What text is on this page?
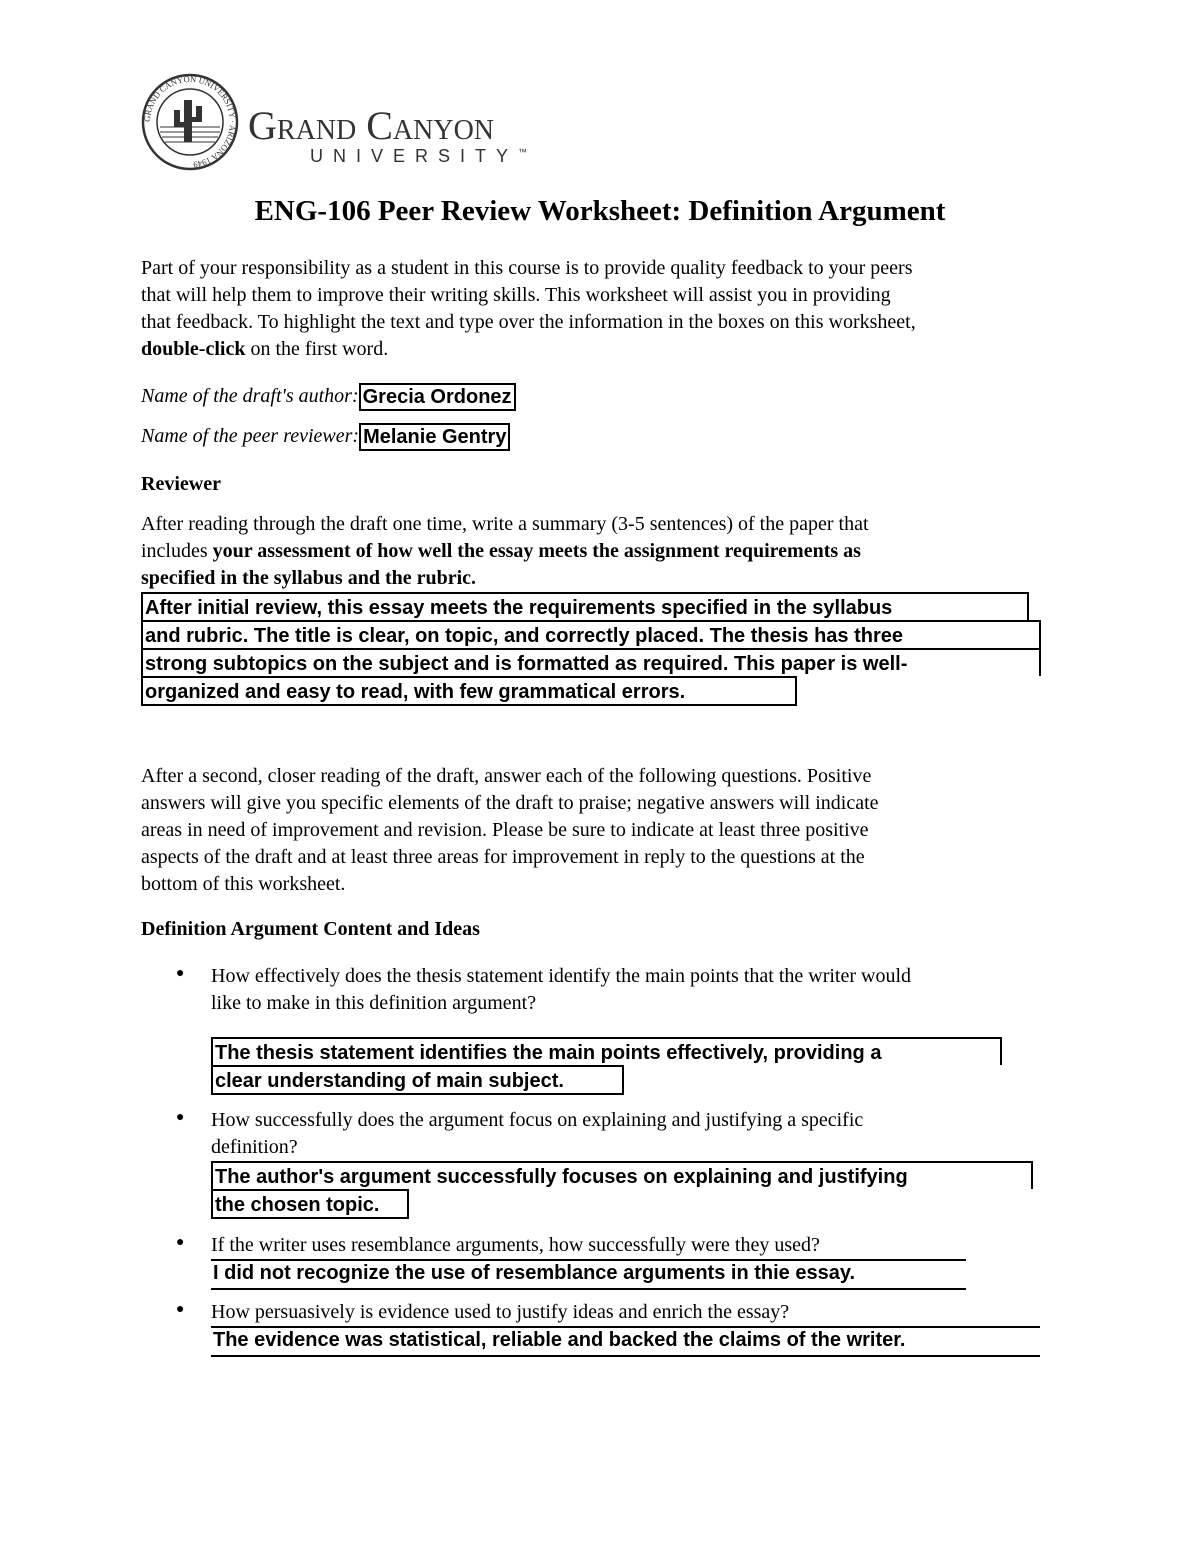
GRAND CANYON UNIVERSITY · ARIZONA 1949
Grand Canyon
UNIVERSITY™
ENG-106 Peer Review Worksheet: Definition Argument
Part of your responsibility as a student in this course is to provide quality feedback to your peers
that will help them to improve their writing skills. This worksheet will assist you in providing
that feedback. To highlight the text and type over the information in the boxes on this worksheet,
double-click on the first word.
Name of the draft's author: Grecia Ordonez
Name of the peer reviewer: Melanie Gentry
Reviewer
After reading through the draft one time, write a summary (3-5 sentences) of the paper that
includes your assessment of how well the essay meets the assignment requirements as
specified in the syllabus and the rubric.
After initial review, this essay meets the requirements specified in the syllabus
and rubric. The title is clear, on topic, and correctly placed. The thesis has three
strong subtopics on the subject and is formatted as required. This paper is well-
organized and easy to read, with few grammatical errors.
After a second, closer reading of the draft, answer each of the following questions. Positive
answers will give you specific elements of the draft to praise; negative answers will indicate
areas in need of improvement and revision. Please be sure to indicate at least three positive
aspects of the draft and at least three areas for improvement in reply to the questions at the
bottom of this worksheet.
Definition Argument Content and Ideas
● How effectively does the thesis statement identify the main points that the writer would
like to make in this definition argument?
The thesis statement identifies the main points effectively, providing a
clear understanding of main subject.
● How successfully does the argument focus on explaining and justifying a specific
definition?
The author's argument successfully focuses on explaining and justifying
the chosen topic.
● If the writer uses resemblance arguments, how successfully were they used?
I did not recognize the use of resemblance arguments in thie essay.
● How persuasively is evidence used to justify ideas and enrich the essay?
The evidence was statistical, reliable and backed the claims of the writer.
